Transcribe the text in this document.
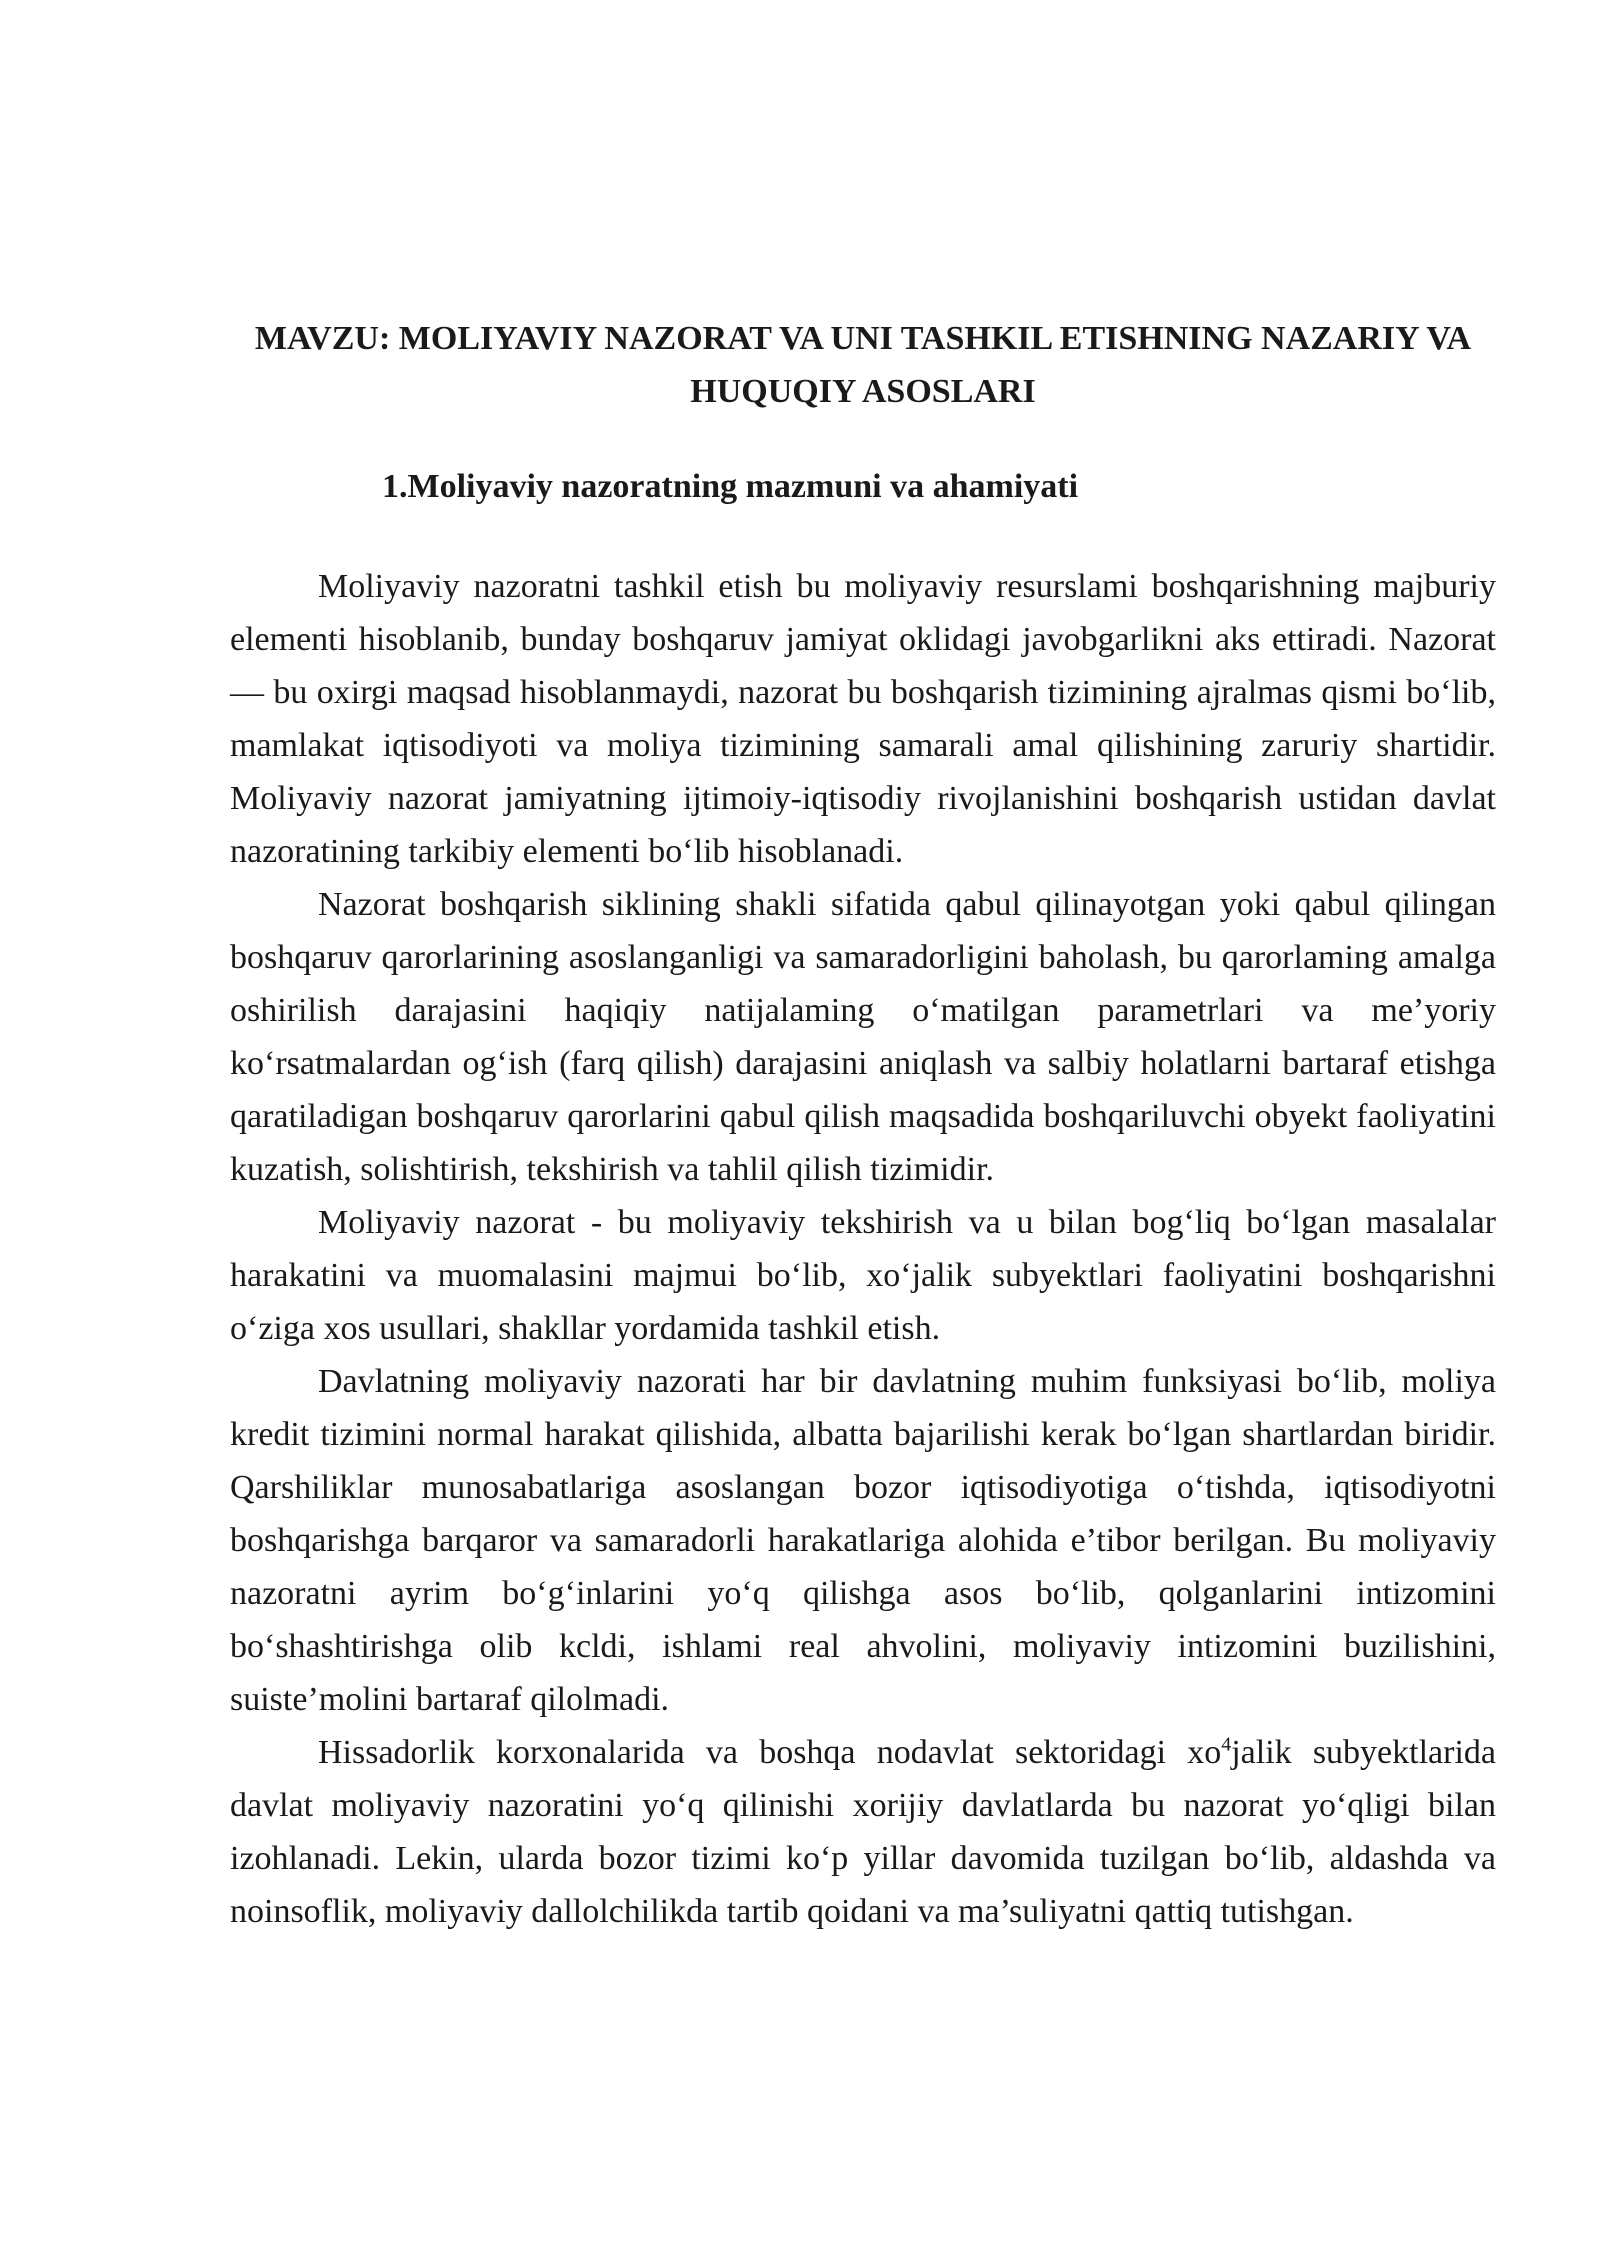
MAVZU: MOLIYAVIY NAZORAT VA UNI TASHKIL ETISHNING NAZARIY VA HUQUQIY ASOSLARI
1.Moliyaviy nazoratning mazmuni va ahamiyati

Moliyaviy nazoratni tashkil etish bu moliyaviy resurslami boshqarishning majburiy elementi hisoblanib, bunday boshqaruv jamiyat oklidagi javobgarlikni aks ettiradi. Nazorat — bu oxirgi maqsad hisoblanmaydi, nazorat bu boshqarish tizimining ajralmas qismi bo‘lib, mamlakat iqtisodiyoti va moliya tizimining samarali amal qilishining zaruriy shartidir. Moliyaviy nazorat jamiyatning ijtimoiy-iqtisodiy rivojlanishini boshqarish ustidan davlat nazoratining tarkibiy elementi bo‘lib hisoblanadi.

Nazorat boshqarish siklining shakli sifatida qabul qilinayotgan yoki qabul qilingan boshqaruv qarorlarining asoslanganligi va samaradorligini baholash, bu qarorlaming amalga oshirilish darajasini haqiqiy natijalaming o‘matilgan parametrlari va me’yoriy ko‘rsatmalardan og‘ish (farq qilish) darajasini aniqlash va salbiy holatlarni bartaraf etishga qaratiladigan boshqaruv qarorlarini qabul qilish maqsadida boshqariluvchi obyekt faoliyatini kuzatish, solishtirish, tekshirish va tahlil qilish tizimidir.

Moliyaviy nazorat - bu moliyaviy tekshirish va u bilan bog‘liq bo‘lgan masalalar harakatini va muomalasini majmui bo‘lib, xo‘jalik subyektlari faoliyatini boshqarishni o‘ziga xos usullari, shakllar yordamida tashkil etish.

Davlatning moliyaviy nazorati har bir davlatning muhim funksiyasi bo‘lib, moliya kredit tizimini normal harakat qilishida, albatta bajarilishi kerak bo‘lgan shartlardan biridir. Qarshiliklar munosabatlariga asoslangan bozor iqtisodiyotiga o‘tishda, iqtisodiyotni boshqarishga barqaror va samaradorli harakatlariga alohida e’tibor berilgan. Bu moliyaviy nazoratni ayrim bo‘g‘inlarini yo‘q qilishga asos bo‘lib, qolganlarini intizomini bo‘shashtirishga olib kcldi, ishlami real ahvolini, moliyaviy intizomini buzilishini, suiste’molini bartaraf qilolmadi.

Hissadorlik korxonalarida va boshqa nodavlat sektoridagi $xo^4jalik$ subyektlarida davlat moliyaviy nazoratini yo‘q qilinishi xorijiy davlatlarda bu nazorat yo‘qligi bilan izohlanadi. Lekin, ularda bozor tizimi ko‘p yillar davomida tuzilgan bo‘lib, aldashda va noinsoflik, moliyaviy dallolchilikda tartib qoidani va ma’suliyatni qattiq tutishgan.
